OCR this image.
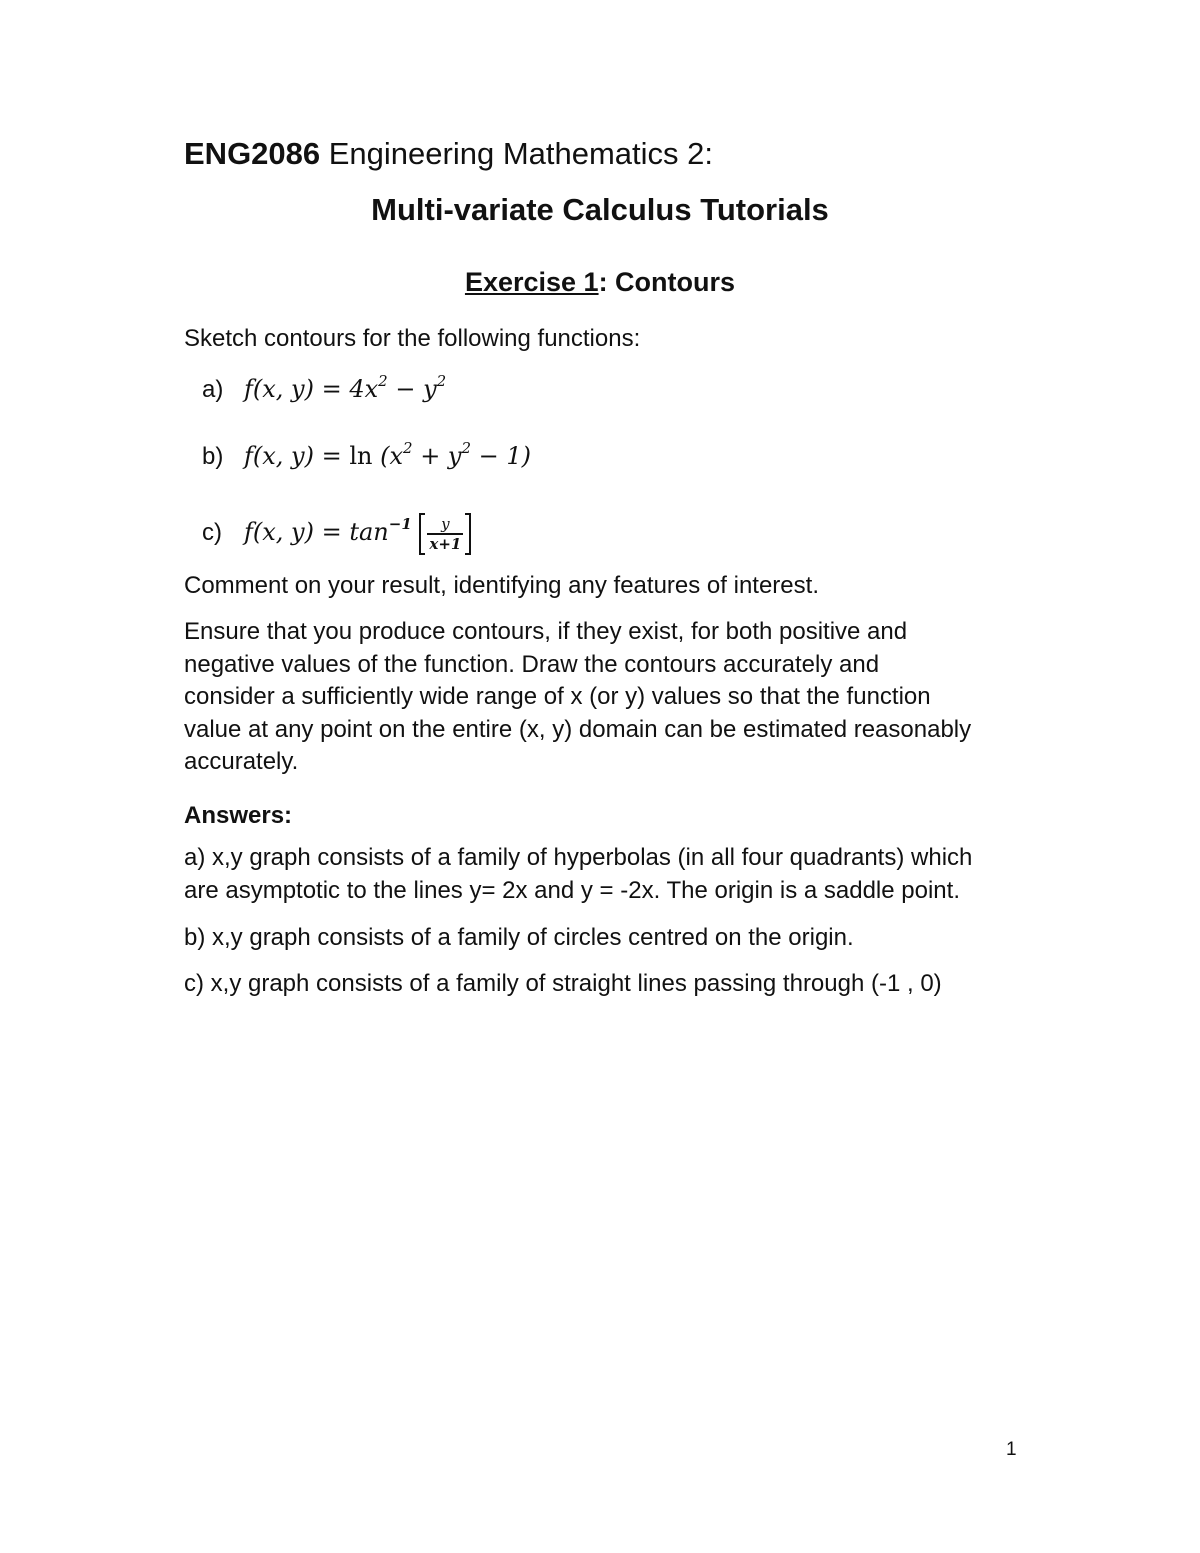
ENG2086 Engineering Mathematics 2:
Multi-variate Calculus Tutorials
Exercise 1: Contours
Sketch contours for the following functions:
a) f(x, $y) = 4x^2 - y^2$
b) f(x, $y) = \ln (x^2 + y^2 - 1)$
c) f(x, $y) = \tan^{-1} \frac{y}{x+1}$
Comment on your result, identifying any features of interest.
Ensure that you produce contours, if they exist, for both positive and
negative values of the function. Draw the contours accurately and
consider a sufficiently wide range of x (or y) values so that the function
value at any point on the entire (x, y) domain can be estimated reasonably
accurately.
Answers:
a) x,y graph consists of a family of hyperbolas (in all four quadrants) which
are asymptotic to the lines y= 2x and y = -2x. The origin is a saddle point.
b) x,y graph consists of a family of circles centred on the origin.
c) x,y graph consists of a family of straight lines passing through (-1 , 0)
1
